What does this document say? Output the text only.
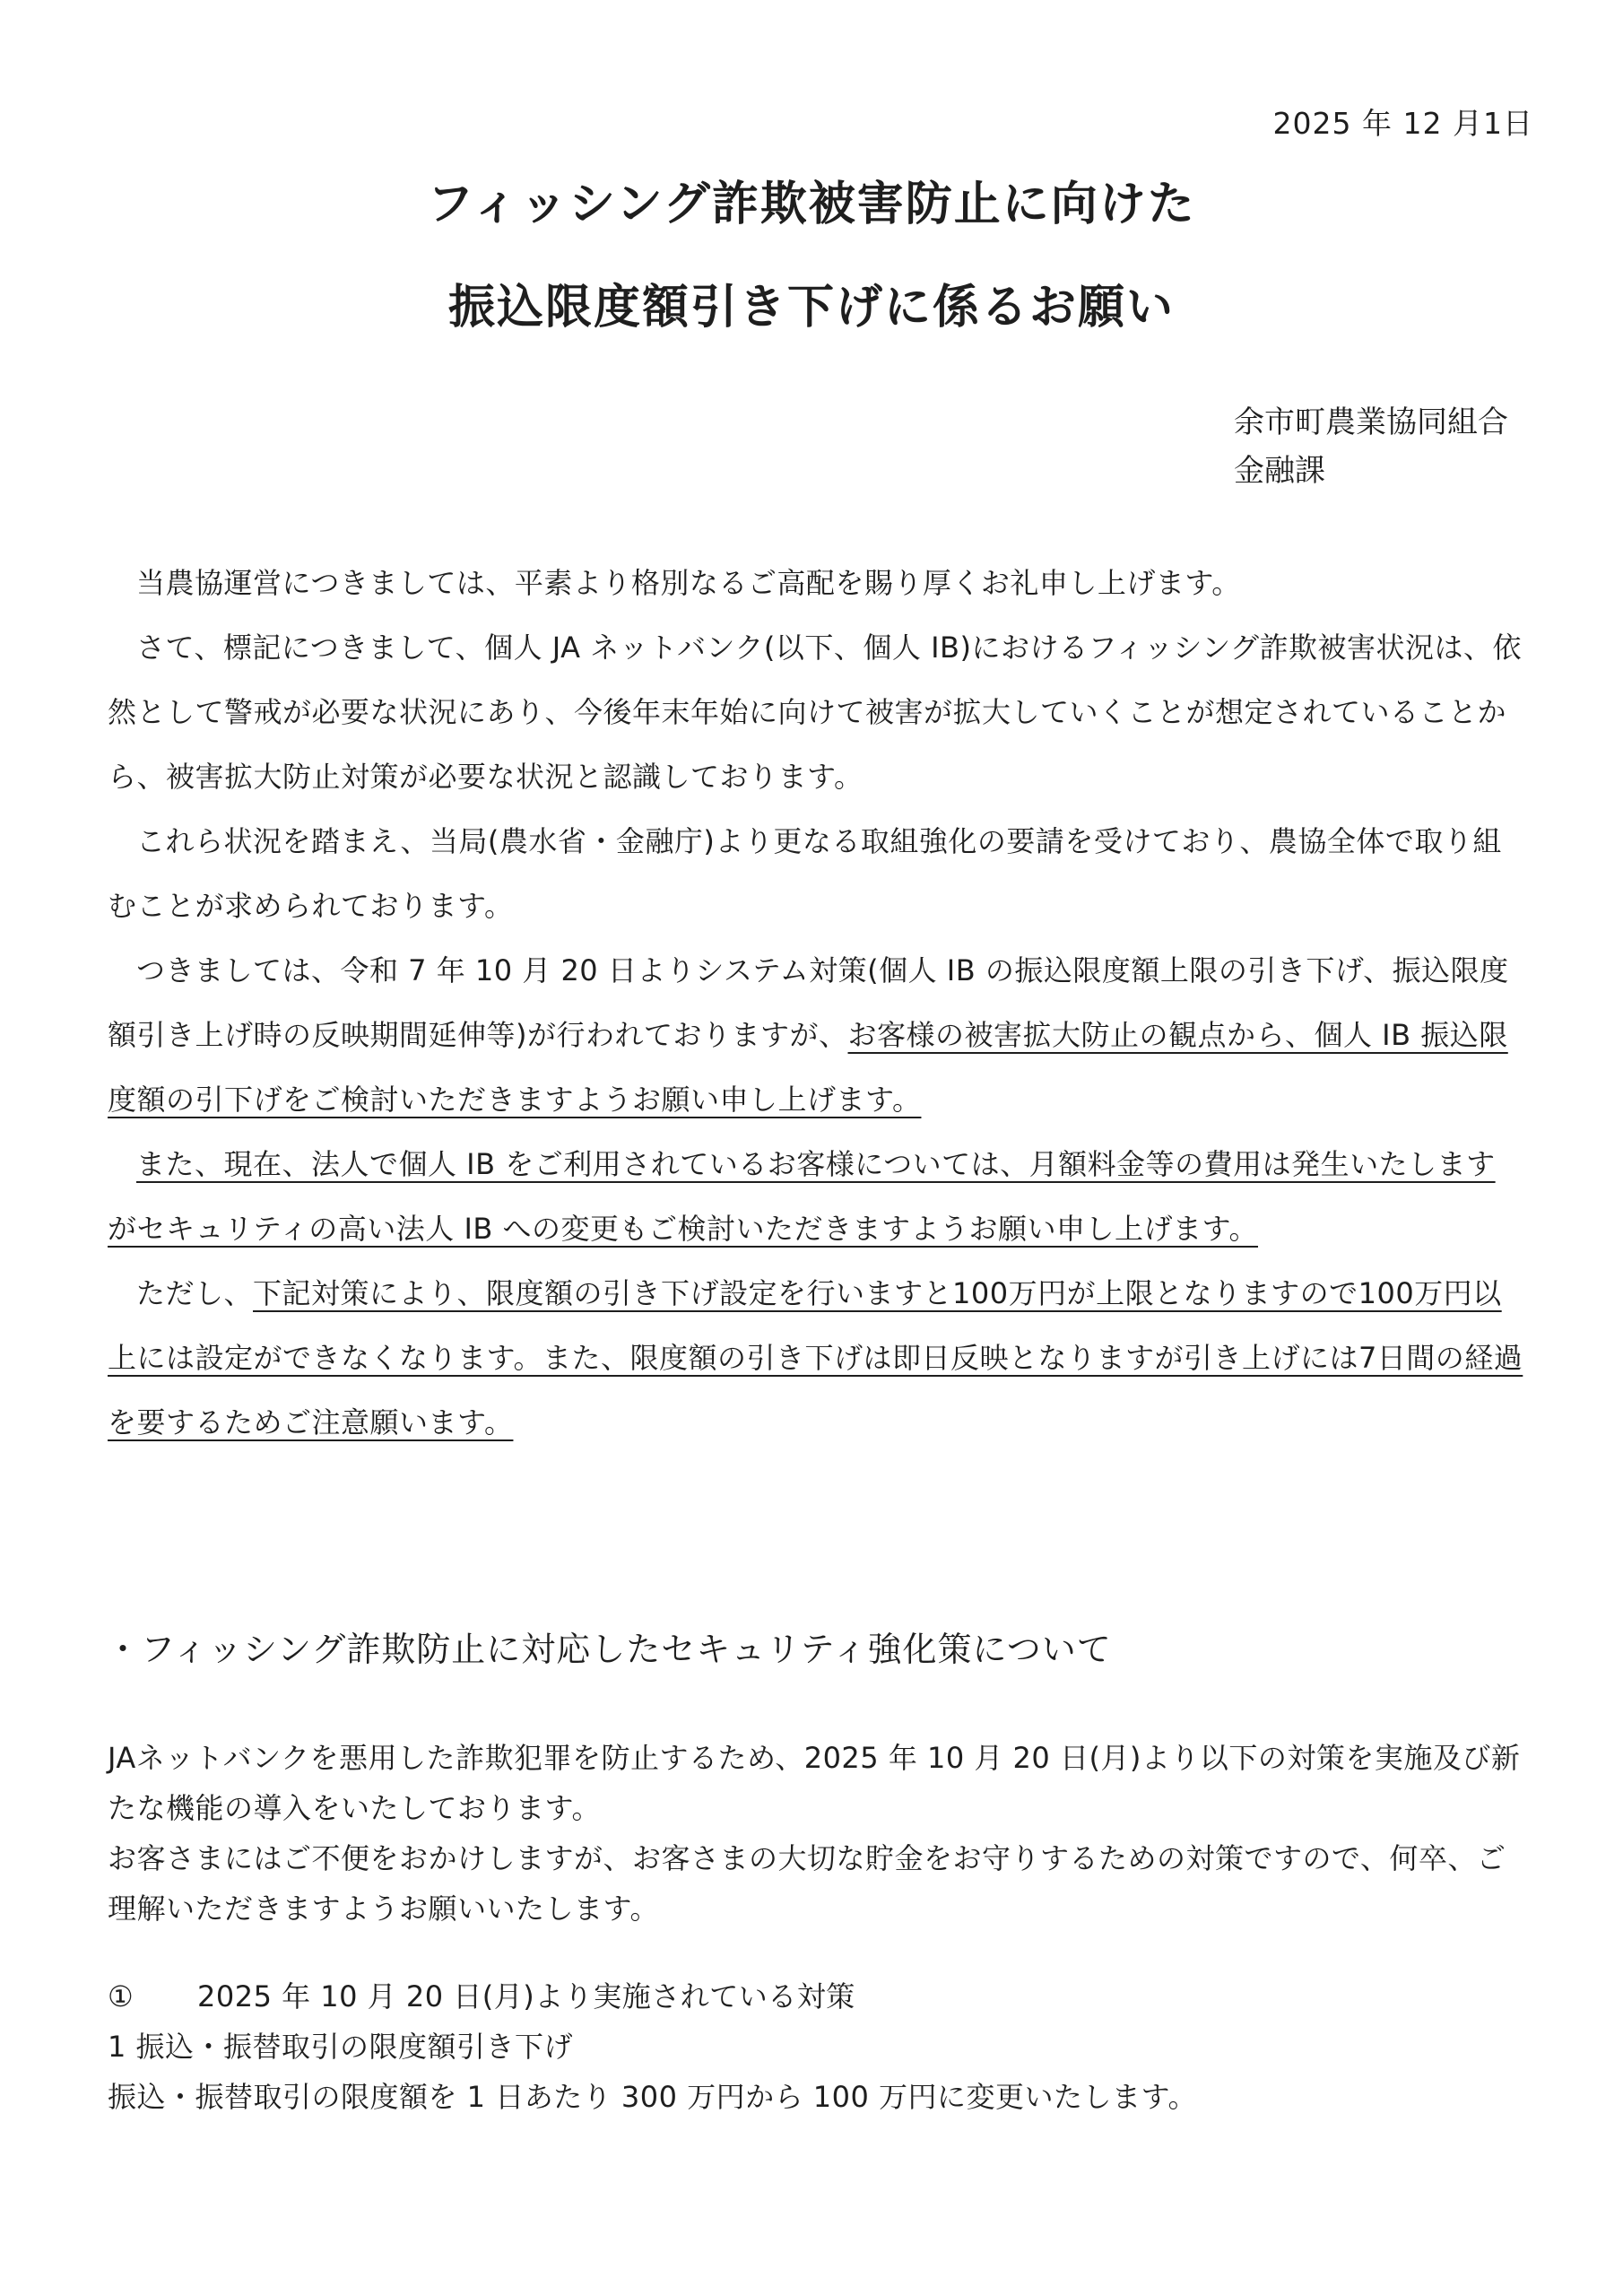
2025 年 12 月1日
フィッシング詐欺被害防止に向けた
振込限度額引き下げに係るお願い
余市町農業協同組合
金融課

当農協運営につきましては、平素より格別なるご高配を賜り厚くお礼申し上げます。

さて、標記につきまして、個人 JA ネットバンク(以下、個人 IB)におけるフィッシング詐欺被害状況は、依然として警戒が必要な状況にあり、今後年末年始に向けて被害が拡大していくことが想定されていることから、被害拡大防止対策が必要な状況と認識しております。

これら状況を踏まえ、当局(農水省・金融庁)より更なる取組強化の要請を受けており、農協全体で取り組むことが求められております。

つきましては、令和 7 年 10 月 20 日よりシステム対策(個人 IB の振込限度額上限の引き下げ、振込限度額引き上げ時の反映期間延伸等)が行われておりますが、お客様の被害拡大防止の観点から、個人 IB 振込限度額の引下げをご検討いただきますようお願い申し上げます。

また、現在、法人で個人 IB をご利用されているお客様については、月額料金等の費用は発生いたしますがセキュリティの高い法人 IB への変更もご検討いただきますようお願い申し上げます。

ただし、下記対策により、限度額の引き下げ設定を行いますと100万円が上限となりますので100万円以上には設定ができなくなります。また、限度額の引き下げは即日反映となりますが引き上げには7日間の経過を要するためご注意願います。

・フィッシング詐欺防止に対応したセキュリティ強化策について

JAネットバンクを悪用した詐欺犯罪を防止するため、2025 年 10 月 20 日(月)より以下の対策を実施及び新たな機能の導入をいたしております。

お客さまにはご不便をおかけしますが、お客さまの大切な貯金をお守りするための対策ですので、何卒、ご理解いただきますようお願いいたします。

① 2025 年 10 月 20 日(月)より実施されている対策

1 振込・振替取引の限度額引き下げ

振込・振替取引の限度額を 1 日あたり 300 万円から 100 万円に変更いたします。
